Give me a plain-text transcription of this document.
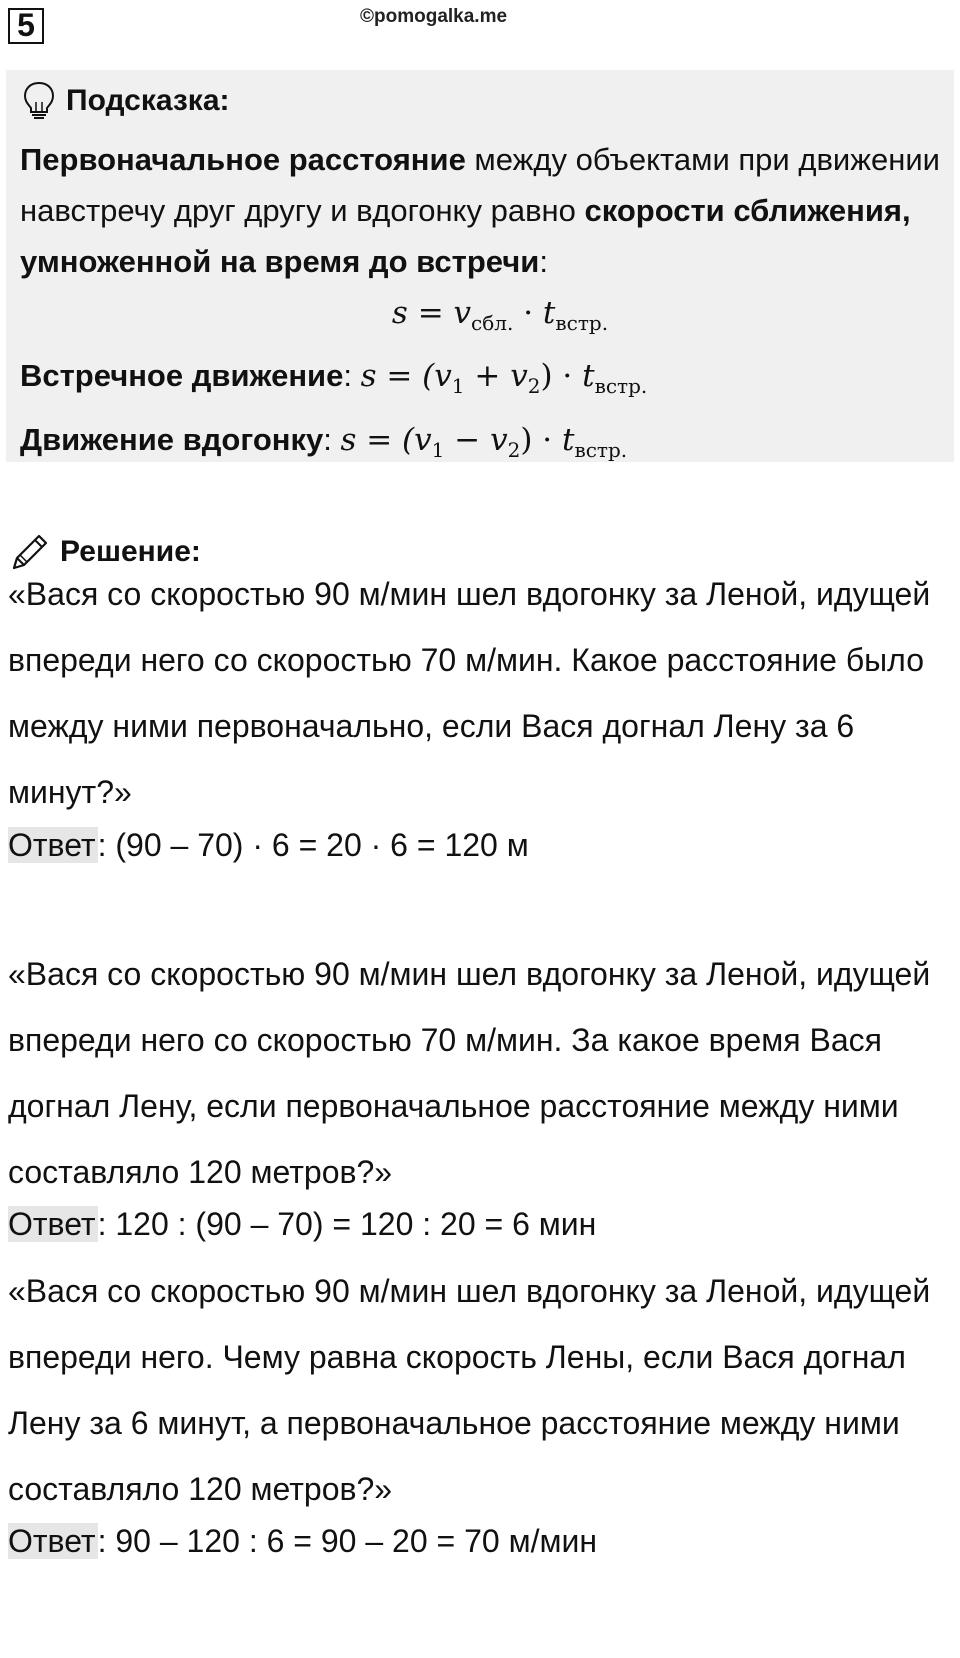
5	©pomogalka.me
Подсказка:
Первоначальное расстояние между объектами при движении навстречу друг другу и вдогонку равно скорости сближения, умноженной на время до встречи:
$s = v_{сбл.} \cdot t_{встр.}$
Встречное движение: $s = (v_1 + v_2) \cdot t_{встр.}$
Движение вдогонку: $s = (v_1 - v_2) \cdot t_{встр.}$
Решение:
«Вася со скоростью 90 м/мин шел вдогонку за Леной, идущей впереди него со скоростью 70 м/мин. Какое расстояние было между ними первоначально, если Вася догнал Лену за 6 минут?»
Ответ: (90 – 70) · 6 = 20 · 6 = 120 м
«Вася со скоростью 90 м/мин шел вдогонку за Леной, идущей впереди него со скоростью 70 м/мин. За какое время Вася догнал Лену, если первоначальное расстояние между ними составляло 120 метров?»
Ответ: 120 : (90 – 70) = 120 : 20 = 6 мин
«Вася со скоростью 90 м/мин шел вдогонку за Леной, идущей впереди него. Чему равна скорость Лены, если Вася догнал Лену за 6 минут, а первоначальное расстояние между ними составляло 120 метров?»
Ответ: 90 – 120 : 6 = 90 – 20 = 70 м/мин
